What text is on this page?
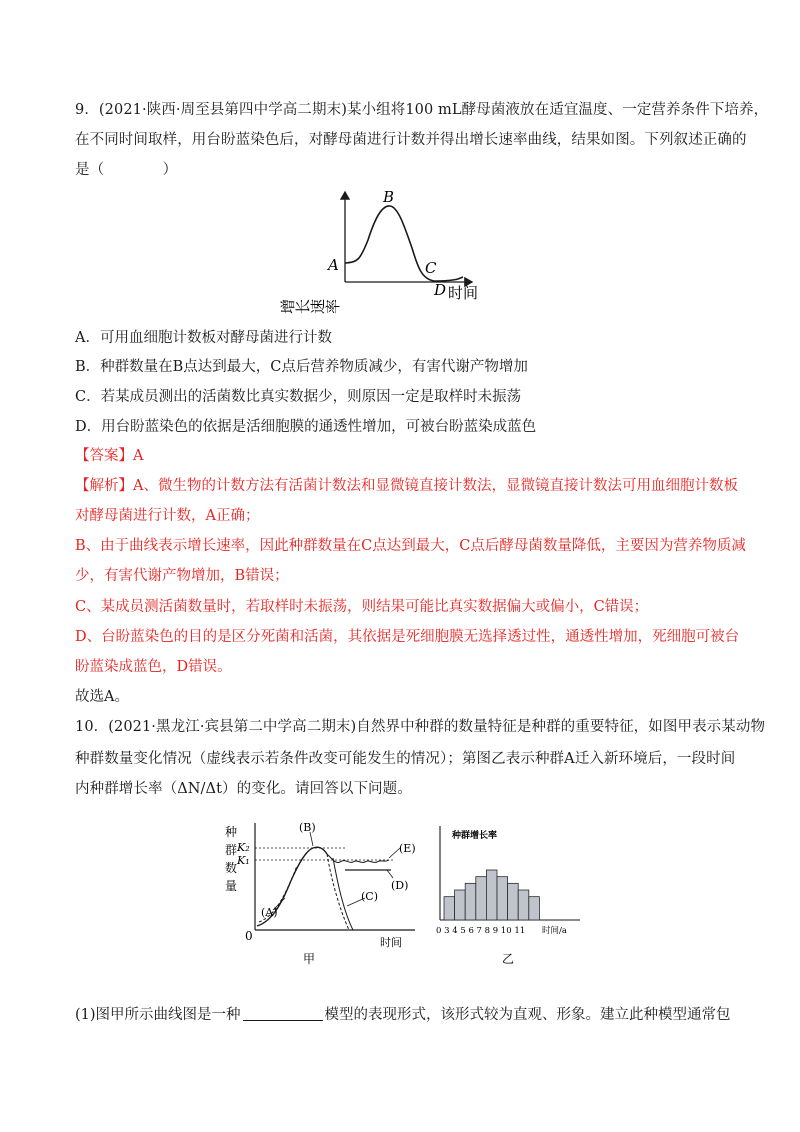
9．(2021·陕西·周至县第四中学高二期末)某小组将100 mL酵母菌液放在适宜温度、一定营养条件下培养，
在不同时间取样，用台盼蓝染色后，对酵母菌进行计数并得出增长速率曲线，结果如图。下列叙述正确的
是（　　　　）
增长速率
A
B
C
D 时间
A．可用血细胞计数板对酵母菌进行计数
B．种群数量在B点达到最大，C点后营养物质减少，有害代谢产物增加
C．若某成员测出的活菌数比真实数据少，则原因一定是取样时未振荡
D．用台盼蓝染色的依据是活细胞膜的通透性增加，可被台盼蓝染成蓝色
【答案】A
【解析】A、微生物的计数方法有活菌计数法和显微镜直接计数法，显微镜直接计数法可用血细胞计数板
对酵母菌进行计数，A正确；
B、由于曲线表示增长速率，因此种群数量在C点达到最大，C点后酵母菌数量降低，主要因为营养物质减
少，有害代谢产物增加，B错误；
C、某成员测活菌数量时，若取样时未振荡，则结果可能比真实数据偏大或偏小，C错误；
D、台盼蓝染色的目的是区分死菌和活菌，其依据是死细胞膜无选择透过性，通透性增加，死细胞可被台
盼蓝染成蓝色，D错误。
故选A。
10．(2021·黑龙江·宾县第二中学高二期末)自然界中种群的数量特征是种群的重要特征，如图甲表示某动物
种群数量变化情况（虚线表示若条件改变可能发生的情况）；第图乙表示种群A迁入新环境后，一段时间
内种群增长率（ΔN/Δt）的变化。请回答以下问题。
种
群
数
量
K₂
K₁
0
(A)
(B)
(C)
(D)
(E)
时间
甲
种群增长率
0 3 4 5 6 7 8 9 10 11 时间/a
乙
(1)图甲所示曲线图是一种	模型的表现形式，该形式较为直观、形象。建立此种模型通常包
